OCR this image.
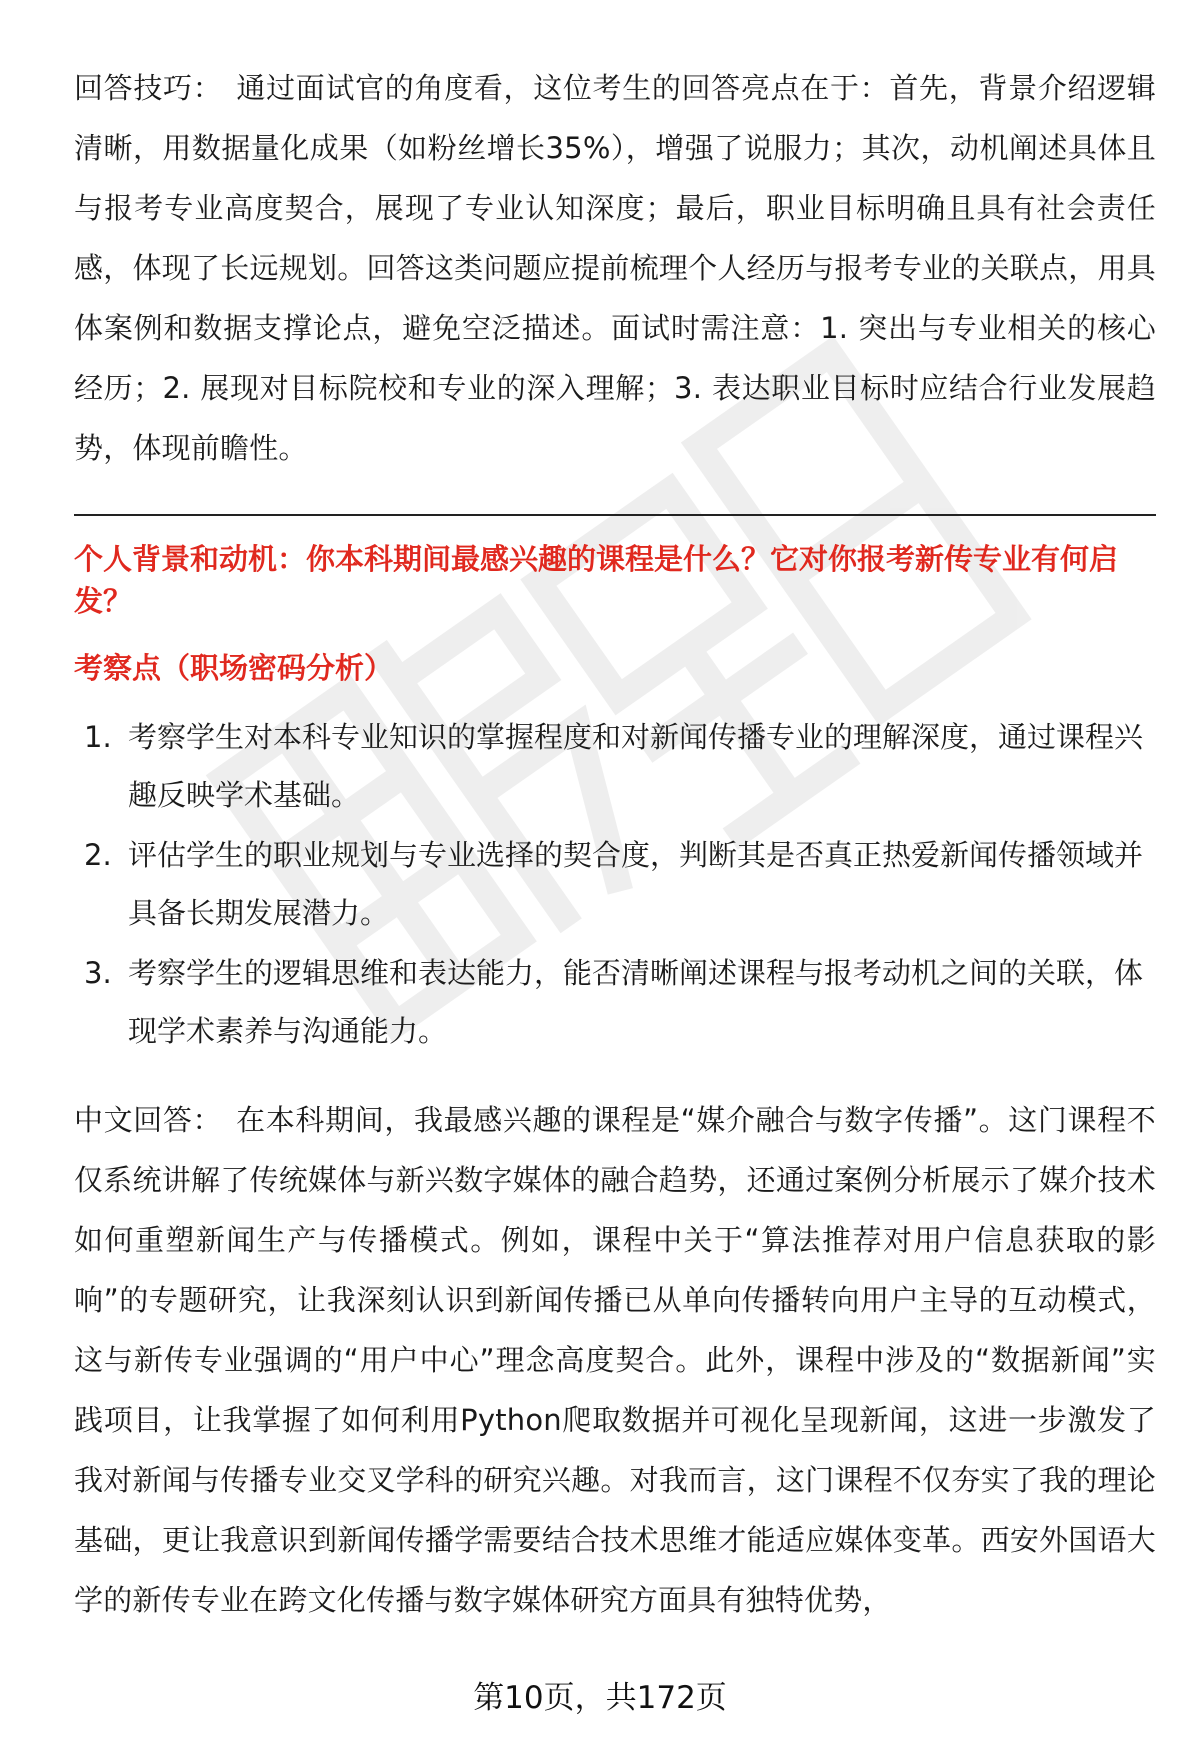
回答技巧： 通过面试官的角度看，这位考生的回答亮点在于：首先，背景介绍逻辑清晰，用数据量化成果（如粉丝增长35%），增强了说服力；其次，动机阐述具体且与报考专业高度契合，展现了专业认知深度；最后，职业目标明确且具有社会责任感，体现了长远规划。回答这类问题应提前梳理个人经历与报考专业的关联点，用具体案例和数据支撑论点，避免空泛描述。面试时需注意：1. 突出与专业相关的核心经历；2. 展现对目标院校和专业的深入理解；3. 表达职业目标时应结合行业发展趋势，体现前瞻性。

个人背景和动机：你本科期间最感兴趣的课程是什么？它对你报考新传专业有何启发？
考察点（职场密码分析）
1. 考察学生对本科专业知识的掌握程度和对新闻传播专业的理解深度，通过课程兴趣反映学术基础。
2. 评估学生的职业规划与专业选择的契合度，判断其是否真正热爱新闻传播领域并具备长期发展潜力。
3. 考察学生的逻辑思维和表达能力，能否清晰阐述课程与报考动机之间的关联，体现学术素养与沟通能力。

中文回答： 在本科期间，我最感兴趣的课程是“媒介融合与数字传播”。这门课程不仅系统讲解了传统媒体与新兴数字媒体的融合趋势，还通过案例分析展示了媒介技术如何重塑新闻生产与传播模式。例如，课程中关于“算法推荐对用户信息获取的影响”的专题研究，让我深刻认识到新闻传播已从单向传播转向用户主导的互动模式，这与新传专业强调的“用户中心”理念高度契合。此外，课程中涉及的“数据新闻”实践项目，让我掌握了如何利用Python爬取数据并可视化呈现新闻，这进一步激发了我对新闻与传播专业交叉学科的研究兴趣。对我而言，这门课程不仅夯实了我的理论基础，更让我意识到新闻传播学需要结合技术思维才能适应媒体变革。西安外国语大学的新传专业在跨文化传播与数字媒体研究方面具有独特优势，

第10页，共172页
